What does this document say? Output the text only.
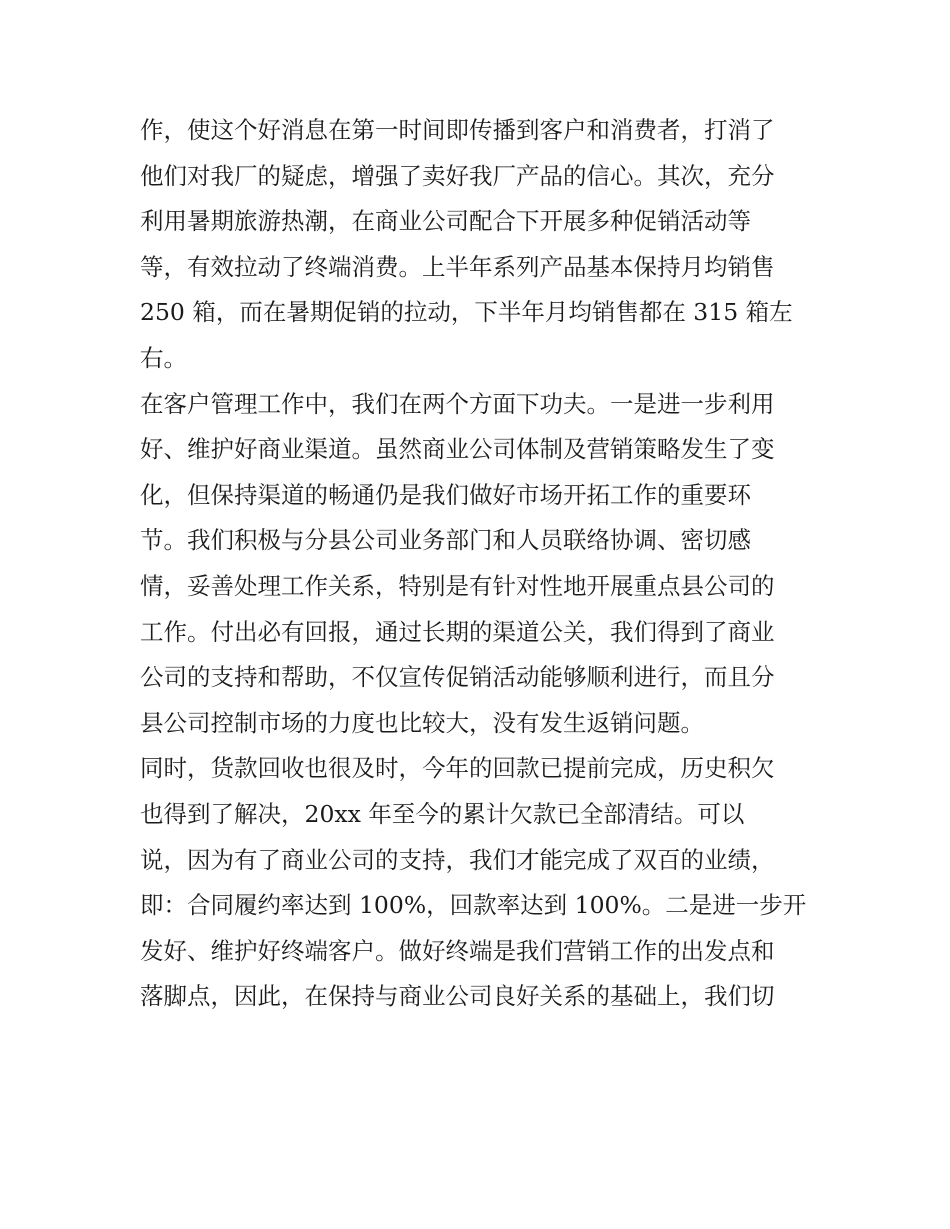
作，使这个好消息在第一时间即传播到客户和消费者，打消了
他们对我厂的疑虑，增强了卖好我厂产品的信心。其次，充分
利用暑期旅游热潮，在商业公司配合下开展多种促销活动等
等，有效拉动了终端消费。上半年系列产品基本保持月均销售
250 箱，而在暑期促销的拉动，下半年月均销售都在 315 箱左
右。
在客户管理工作中，我们在两个方面下功夫。一是进一步利用
好、维护好商业渠道。虽然商业公司体制及营销策略发生了变
化，但保持渠道的畅通仍是我们做好市场开拓工作的重要环
节。我们积极与分县公司业务部门和人员联络协调、密切感
情，妥善处理工作关系，特别是有针对性地开展重点县公司的
工作。付出必有回报，通过长期的渠道公关，我们得到了商业
公司的支持和帮助，不仅宣传促销活动能够顺利进行，而且分
县公司控制市场的力度也比较大，没有发生返销问题。
同时，货款回收也很及时，今年的回款已提前完成，历史积欠
也得到了解决，20xx 年至今的累计欠款已全部清结。可以
说，因为有了商业公司的支持，我们才能完成了双百的业绩，
即：合同履约率达到 100%，回款率达到 100%。二是进一步开
发好、维护好终端客户。做好终端是我们营销工作的出发点和
落脚点，因此，在保持与商业公司良好关系的基础上，我们切
